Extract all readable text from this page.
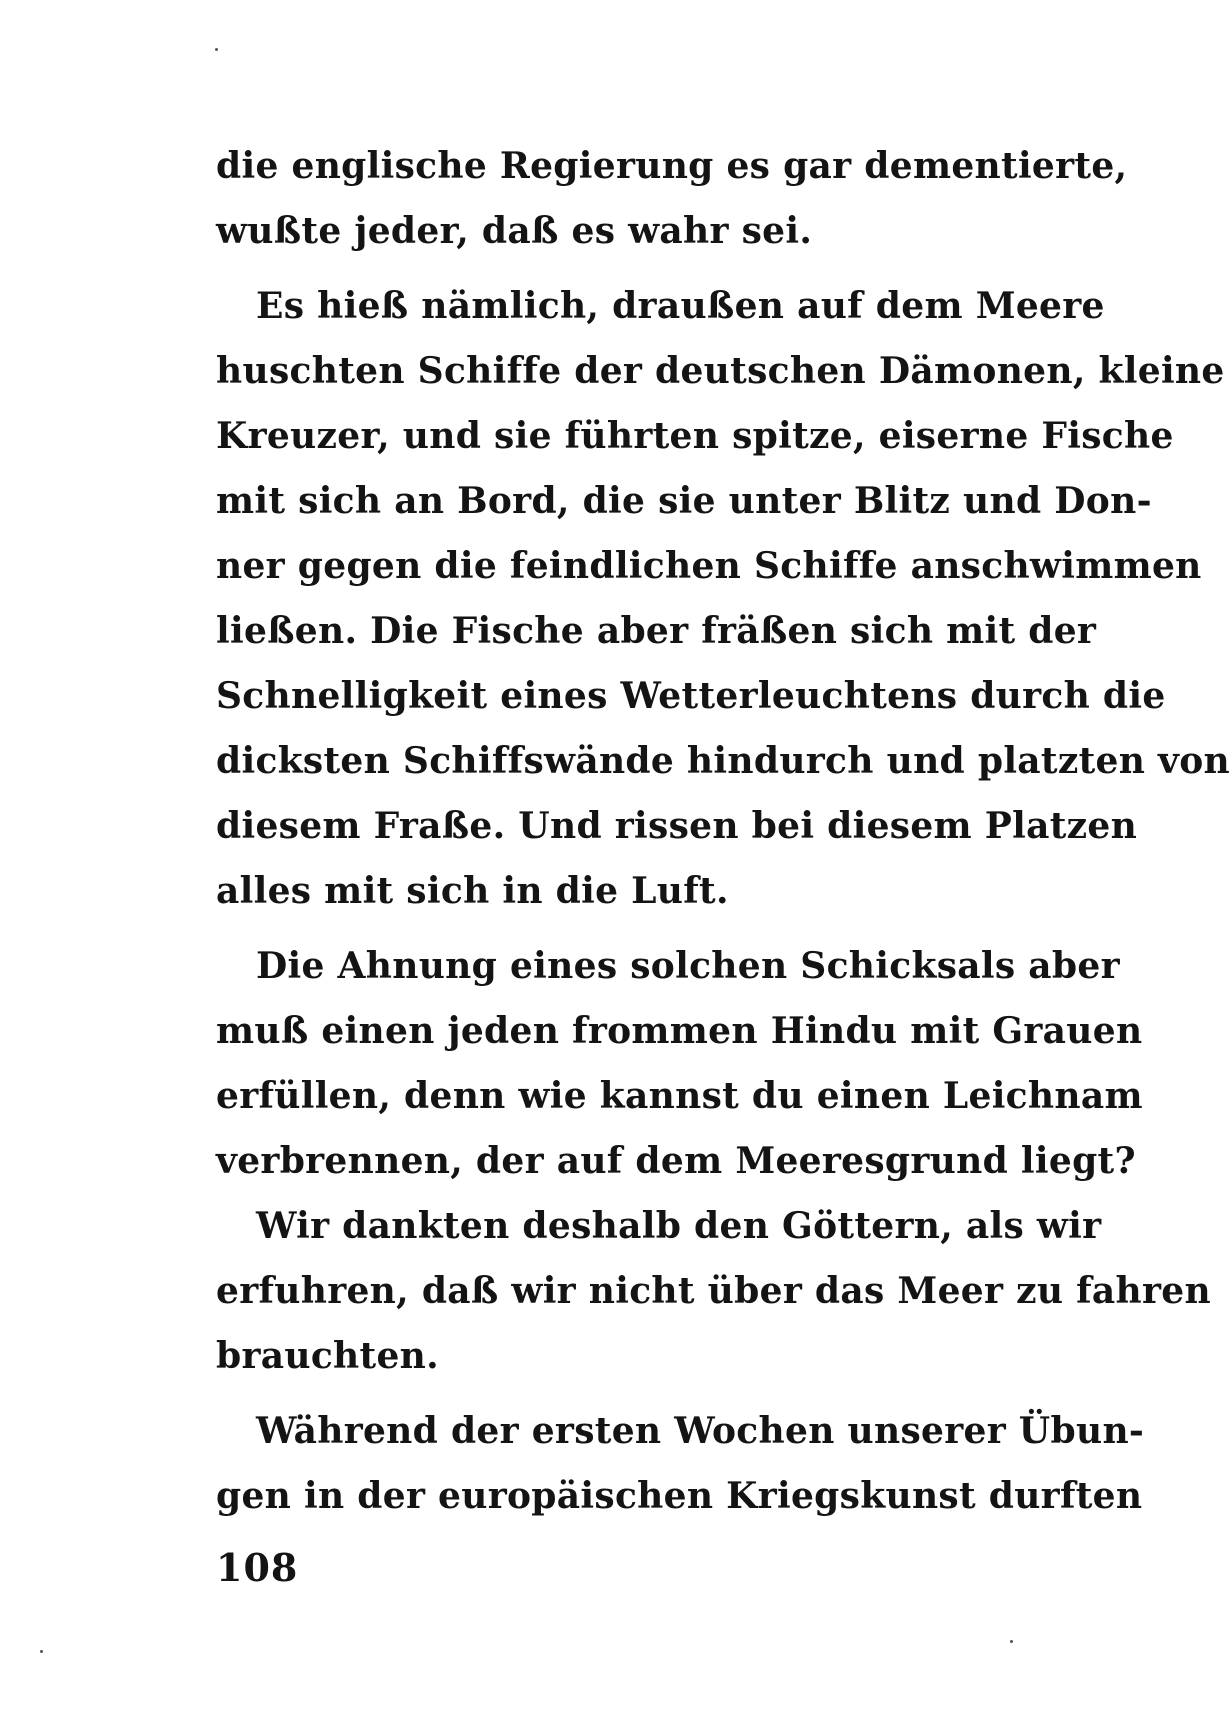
die englische Regierung es gar dementierte,
wußte jeder, daß es wahr sei.
Es hieß nämlich, draußen auf dem Meere
huschten Schiffe der deutschen Dämonen, kleine
Kreuzer, und sie führten spitze, eiserne Fische
mit sich an Bord, die sie unter Blitz und Don-
ner gegen die feindlichen Schiffe anschwimmen
ließen. Die Fische aber fräßen sich mit der
Schnelligkeit eines Wetterleuchtens durch die
dicksten Schiffswände hindurch und platzten von
diesem Fraße. Und rissen bei diesem Platzen
alles mit sich in die Luft.
Die Ahnung eines solchen Schicksals aber
muß einen jeden frommen Hindu mit Grauen
erfüllen, denn wie kannst du einen Leichnam
verbrennen, der auf dem Meeresgrund liegt?
Wir dankten deshalb den Göttern, als wir
erfuhren, daß wir nicht über das Meer zu fahren
brauchten.
Während der ersten Wochen unserer Übun-
gen in der europäischen Kriegskunst durften
108
